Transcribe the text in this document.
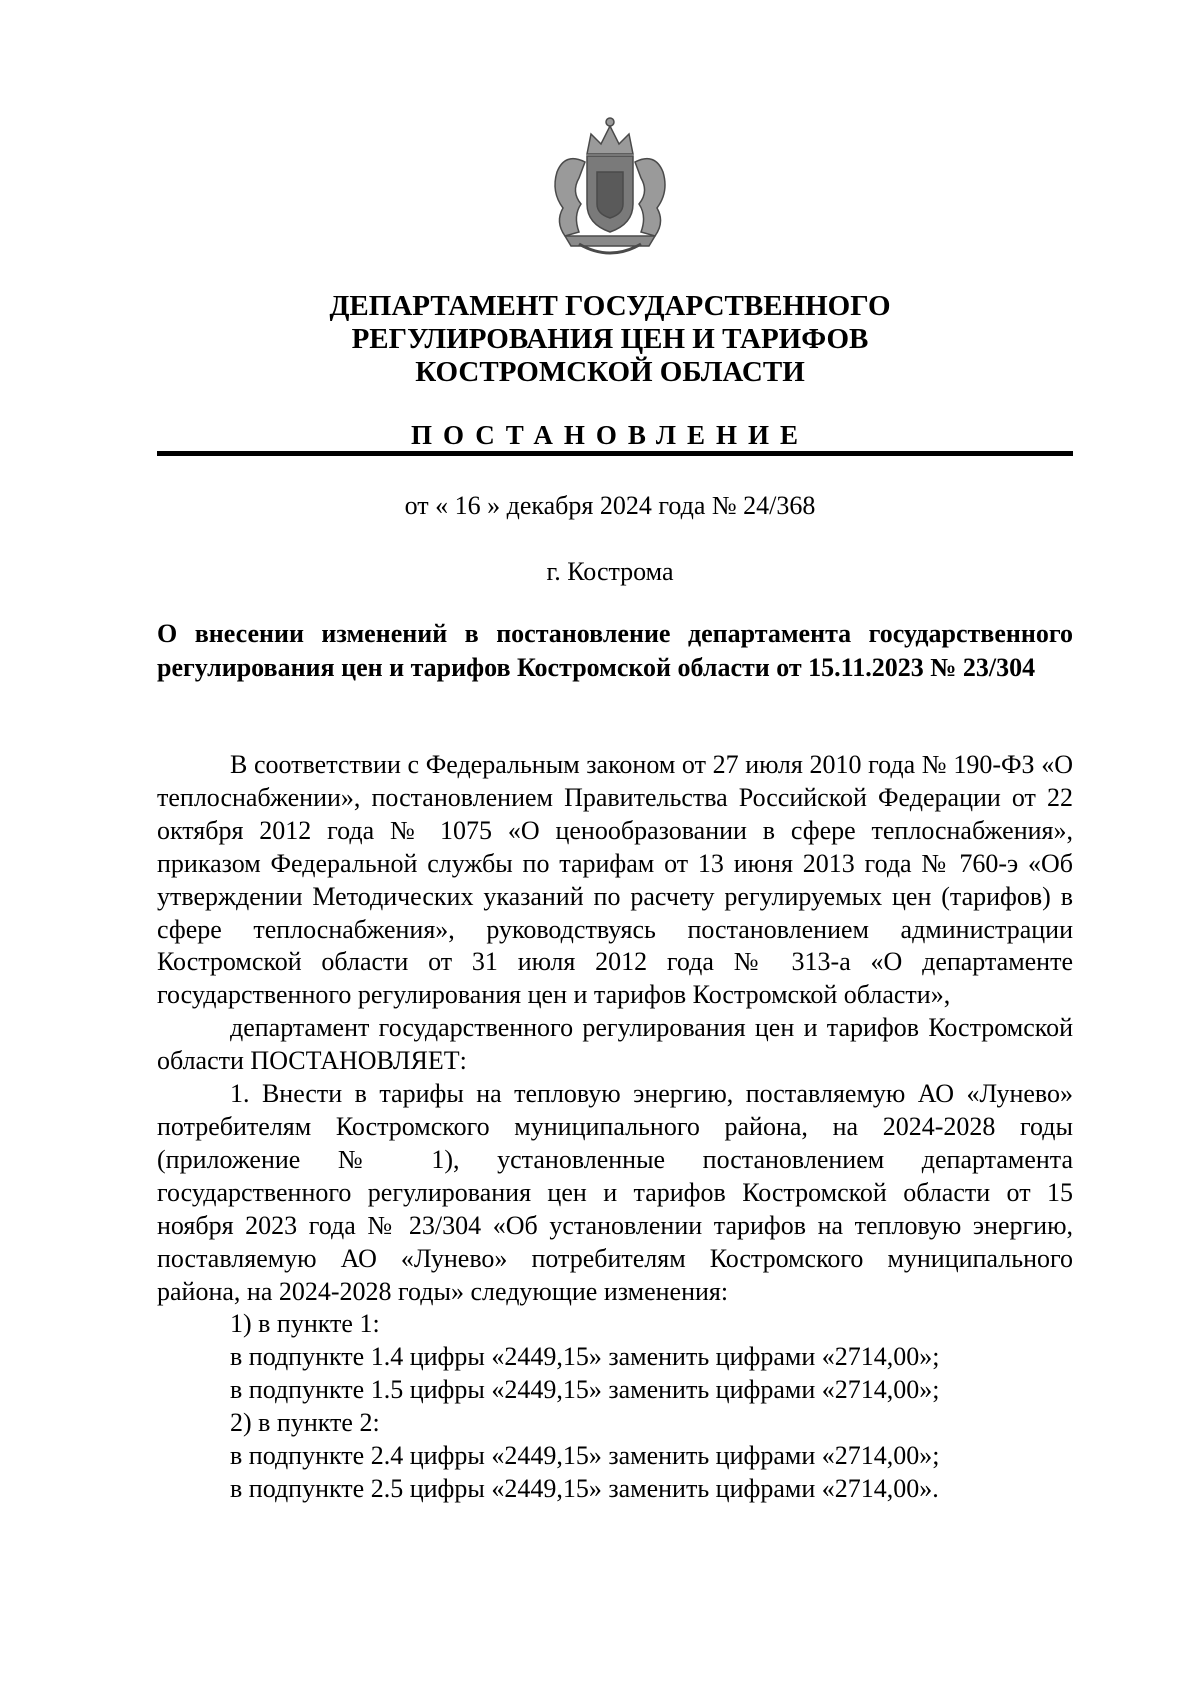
ДЕПАРТАМЕНТ ГОСУДАРСТВЕННОГО
РЕГУЛИРОВАНИЯ ЦЕН И ТАРИФОВ
КОСТРОМСКОЙ ОБЛАСТИ
ПОСТАНОВЛЕНИЕ
от « 16 » декабря 2024 года № 24/368
г. Кострома
О внесении изменений в постановление департамента государственного регулирования цен и тарифов Костромской области от 15.11.2023 № 23/304

В соответствии с Федеральным законом от 27 июля 2010 года № 190-ФЗ «О теплоснабжении», постановлением Правительства Российской Федерации от 22 октября 2012 года № 1075 «О ценообразовании в сфере теплоснабжения», приказом Федеральной службы по тарифам от 13 июня 2013 года № 760-э «Об утверждении Методических указаний по расчету регулируемых цен (тарифов) в сфере теплоснабжения», руководствуясь постановлением администрации Костромской области от 31 июля 2012 года № 313-а «О департаменте государственного регулирования цен и тарифов Костромской области»,

департамент государственного регулирования цен и тарифов Костромской области ПОСТАНОВЛЯЕТ:

1. Внести в тарифы на тепловую энергию, поставляемую АО «Лунево» потребителям Костромского муниципального района, на 2024-2028 годы (приложение № 1), установленные постановлением департамента государственного регулирования цен и тарифов Костромской области от 15 ноября 2023 года № 23/304 «Об установлении тарифов на тепловую энергию, поставляемую АО «Лунево» потребителям Костромского муниципального района, на 2024-2028 годы» следующие изменения:

1) в пункте 1:

в подпункте 1.4 цифры «2449,15» заменить цифрами «2714,00»;

в подпункте 1.5 цифры «2449,15» заменить цифрами «2714,00»;

2) в пункте 2:

в подпункте 2.4 цифры «2449,15» заменить цифрами «2714,00»;

в подпункте 2.5 цифры «2449,15» заменить цифрами «2714,00».
